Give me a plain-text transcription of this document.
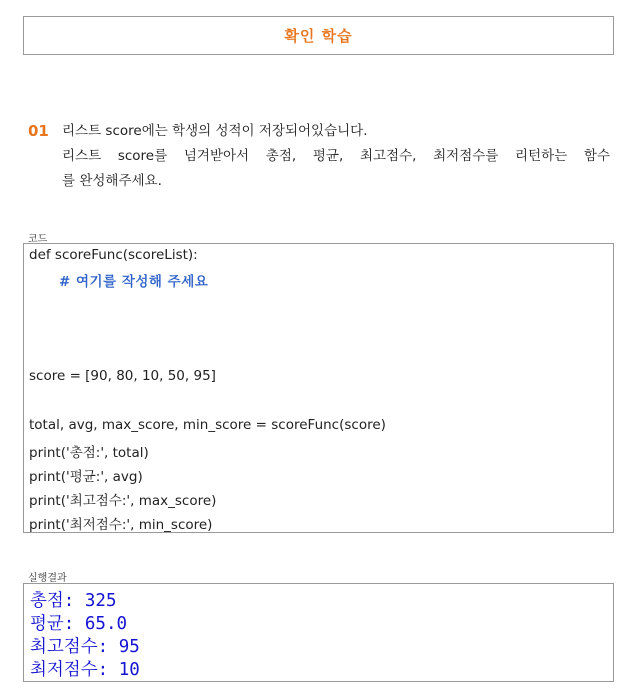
확인 학습
01 리스트 score에는 학생의 성적이 저장되어있습니다.
리스트 score를 넘겨받아서 총점, 평균, 최고점수, 최저점수를 리턴하는 함수
를 완성해주세요.
코드
def scoreFunc(scoreList):
# 여기를 작성해 주세요
score = [90, 80, 10, 50, 95]
total, avg, max_score, min_score = scoreFunc(score)
print('총점:', total)
print('평균:', avg)
print('최고점수:', max_score)
print('최저점수:', min_score)
실행결과
총점: 325
평균: 65.0
최고점수: 95
최저점수: 10
